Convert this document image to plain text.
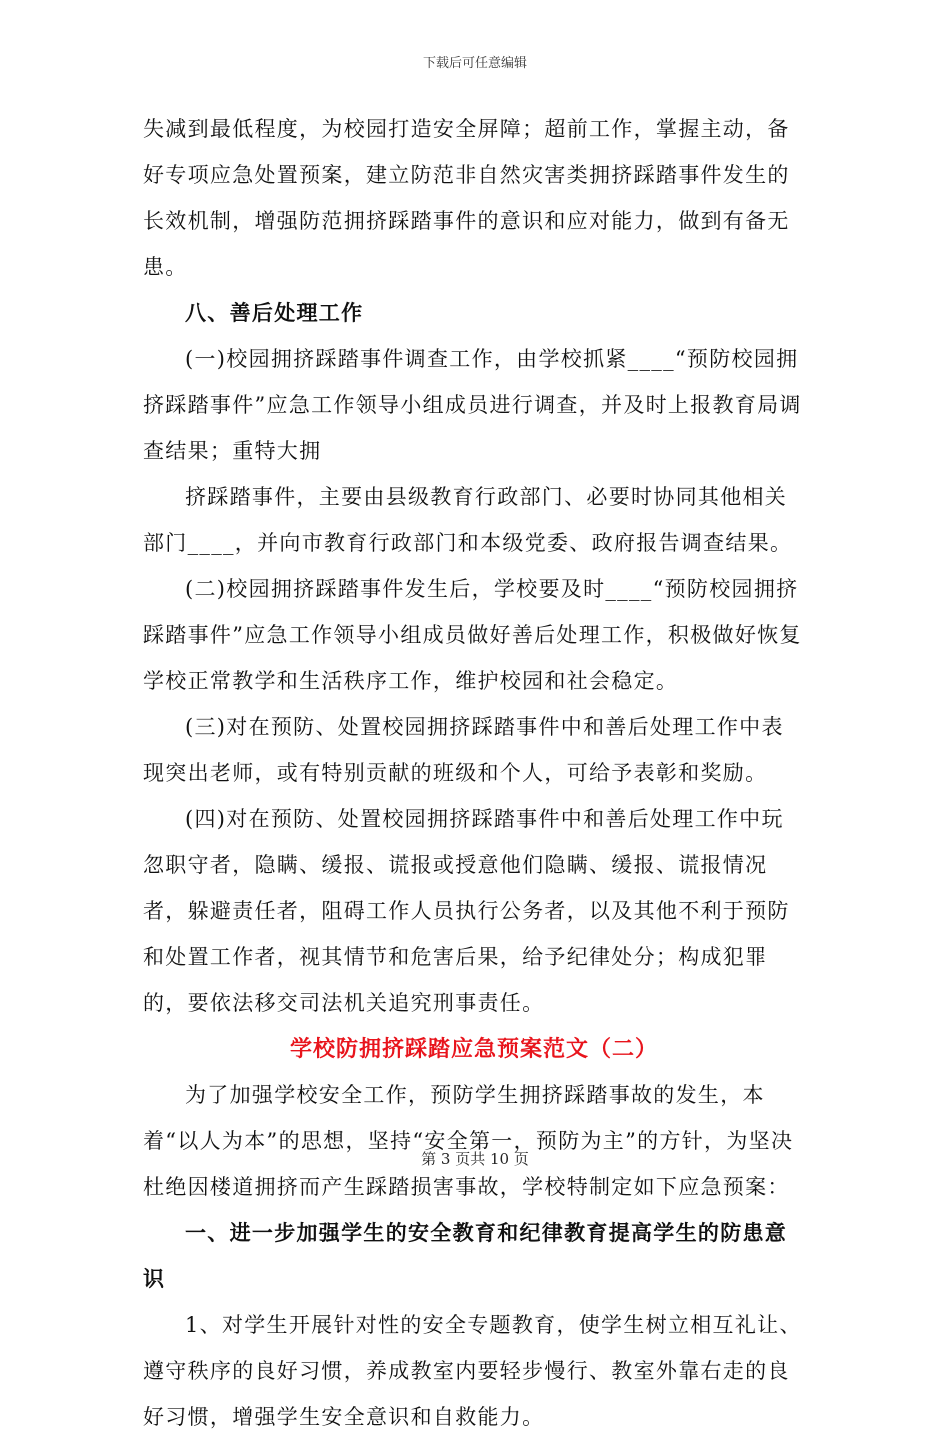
下载后可任意编辑

失减到最低程度，为校园打造安全屏障；超前工作，掌握主动，备好专项应急处置预案，建立防范非自然灾害类拥挤踩踏事件发生的长效机制，增强防范拥挤踩踏事件的意识和应对能力，做到有备无患。

八、善后处理工作

(一)校园拥挤踩踏事件调查工作，由学校抓紧____“预防校园拥挤踩踏事件”应急工作领导小组成员进行调查，并及时上报教育局调查结果；重特大拥

挤踩踏事件，主要由县级教育行政部门、必要时协同其他相关部门____，并向市教育行政部门和本级党委、政府报告调查结果。

(二)校园拥挤踩踏事件发生后，学校要及时____“预防校园拥挤踩踏事件”应急工作领导小组成员做好善后处理工作，积极做好恢复学校正常教学和生活秩序工作，维护校园和社会稳定。

(三)对在预防、处置校园拥挤踩踏事件中和善后处理工作中表现突出老师，或有特别贡献的班级和个人，可给予表彰和奖励。

(四)对在预防、处置校园拥挤踩踏事件中和善后处理工作中玩忽职守者，隐瞒、缓报、谎报或授意他们隐瞒、缓报、谎报情况者，躲避责任者，阻碍工作人员执行公务者，以及其他不利于预防和处置工作者，视其情节和危害后果，给予纪律处分；构成犯罪的，要依法移交司法机关追究刑事责任。

学校防拥挤踩踏应急预案范文（二）

为了加强学校安全工作，预防学生拥挤踩踏事故的发生，本着“以人为本”的思想，坚持“安全第一，预防为主”的方针，为坚决杜绝因楼道拥挤而产生踩踏损害事故，学校特制定如下应急预案：

一、进一步加强学生的安全教育和纪律教育提高学生的防患意识

1、对学生开展针对性的安全专题教育，使学生树立相互礼让、遵守秩序的良好习惯，养成教室内要轻步慢行、教室外靠右走的良好习惯，增强学生安全意识和自救能力。

第 3 页共 10 页
